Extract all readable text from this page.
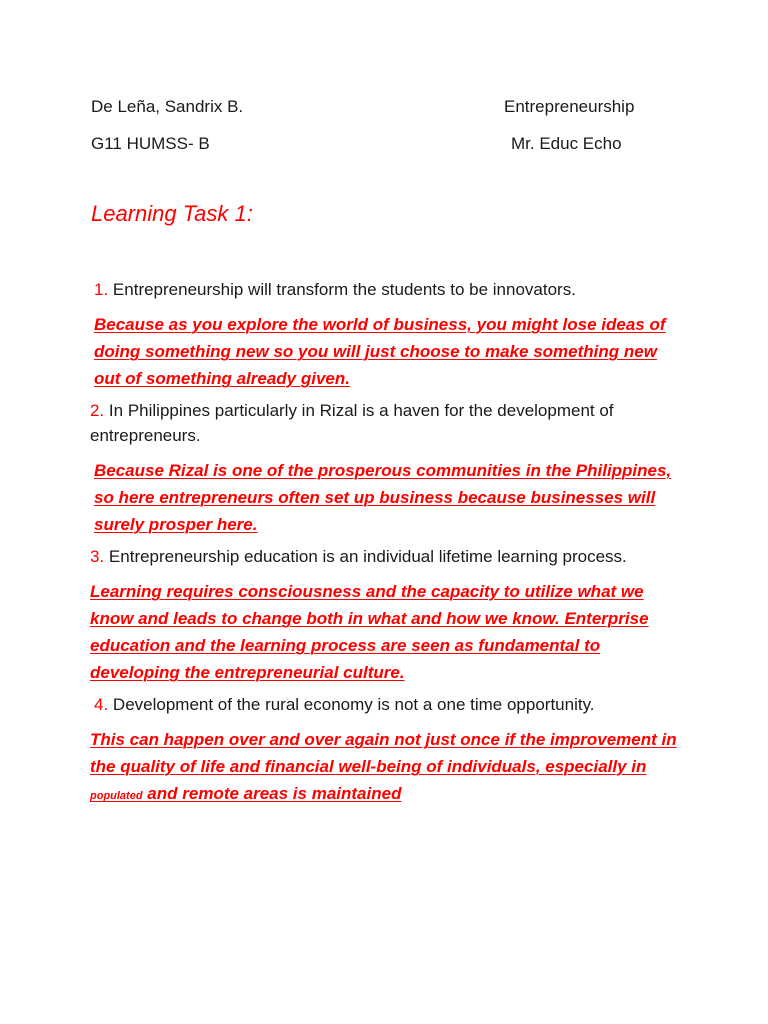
De Leña, Sandrix B.	Entrepreneurship
G11 HUMSS- B	Mr. Educ Echo
Learning Task 1:
1. Entrepreneurship will transform the students to be innovators.
Because as you explore the world of business, you might lose ideas of doing something new so you will just choose to make something new out of something already given.
2. In Philippines particularly in Rizal is a haven for the development of entrepreneurs.
Because Rizal is one of the prosperous communities in the Philippines, so here entrepreneurs often set up business because businesses will surely prosper here.
3. Entrepreneurship education is an individual lifetime learning process.
Learning requires consciousness and the capacity to utilize what we know and leads to change both in what and how we know. Enterprise education and the learning process are seen as fundamental to developing the entrepreneurial culture.
4. Development of the rural economy is not a one time opportunity.
This can happen over and over again not just once if the improvement in the quality of life and financial well-being of individuals, especially in populated and remote areas is maintained
